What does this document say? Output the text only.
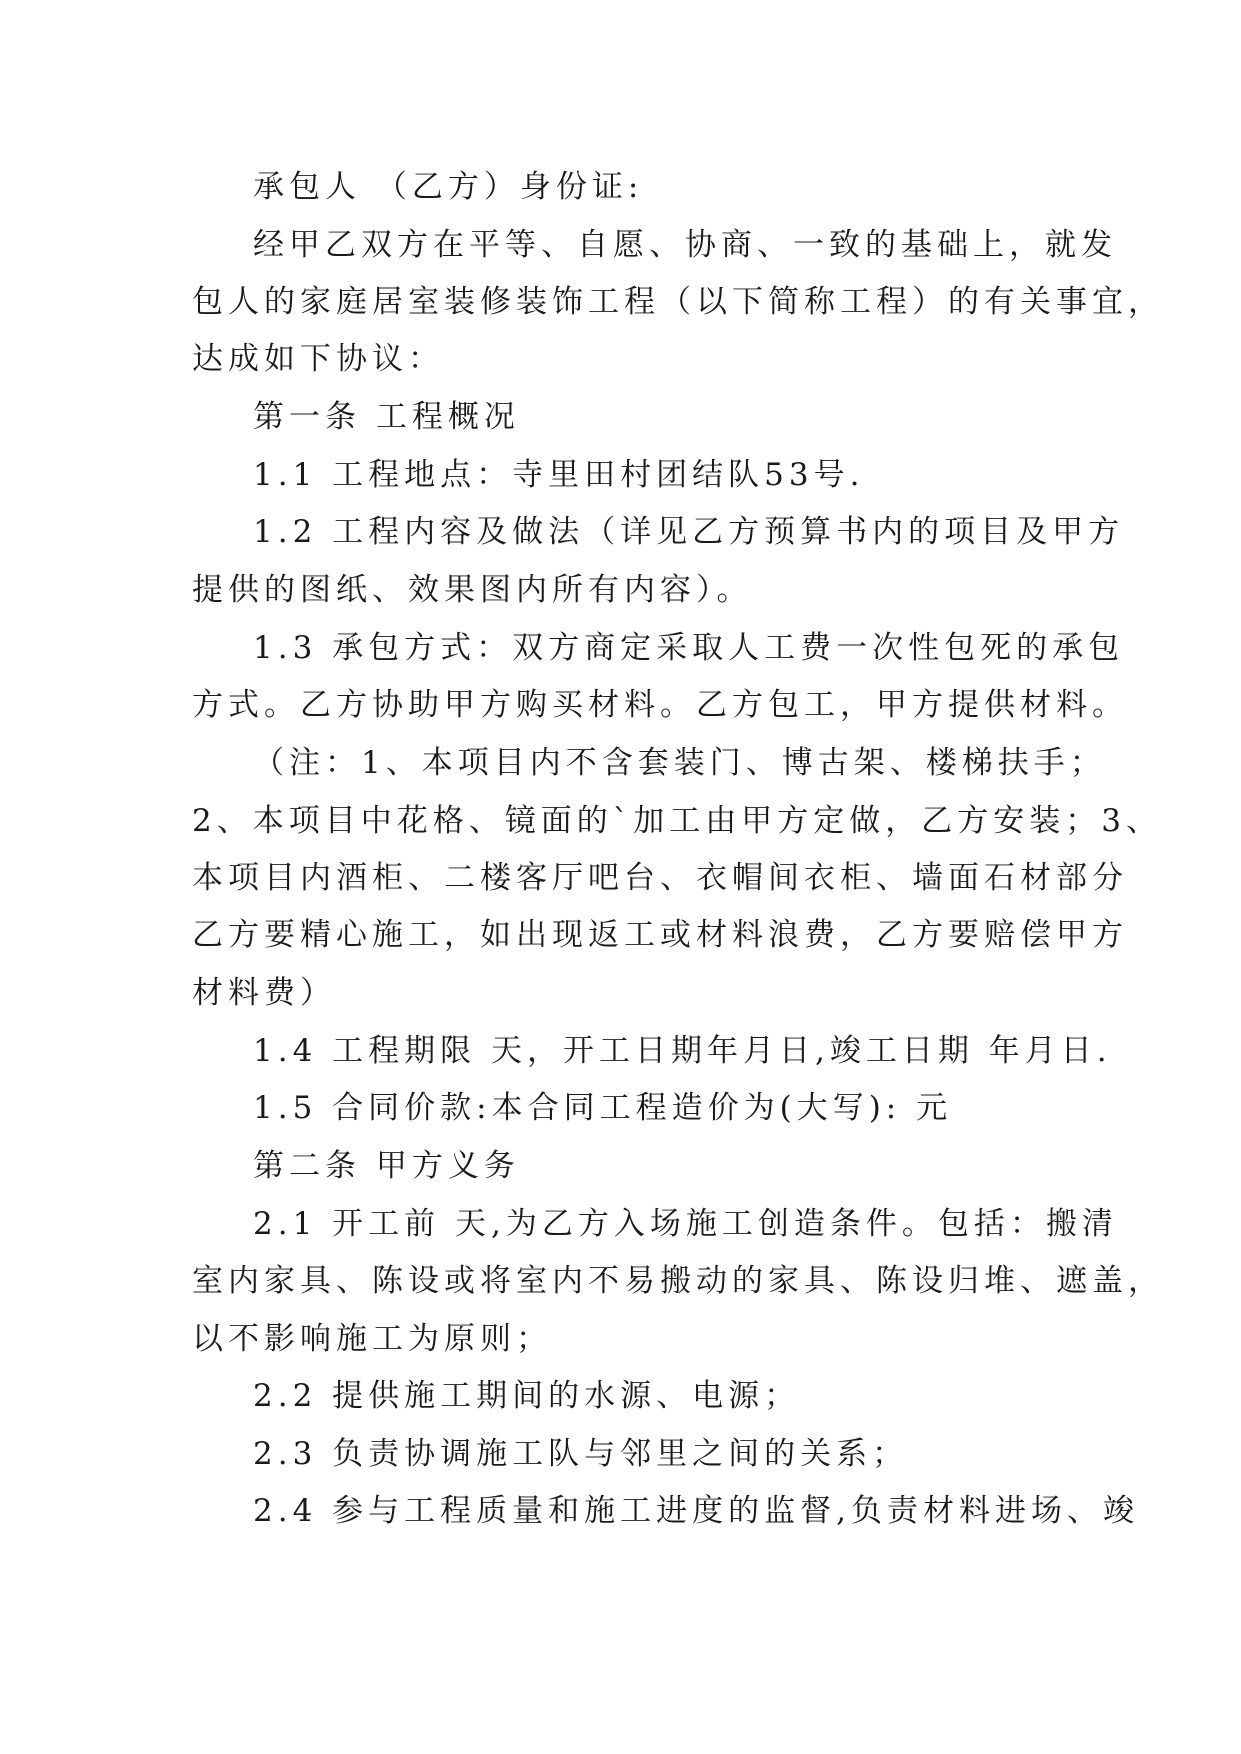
承包人 （乙方）身份证:
经甲乙双方在平等、自愿、协商、一致的基础上，就发
包人的家庭居室装修装饰工程（以下简称工程）的有关事宜，
达成如下协议：
第一条 工程概况
1.1 工程地点：寺里田村团结队53号.
1.2 工程内容及做法（详见乙方预算书内的项目及甲方
提供的图纸、效果图内所有内容）。
1.3 承包方式：双方商定采取人工费一次性包死的承包
方式。乙方协助甲方购买材料。乙方包工，甲方提供材料。
（注：1、本项目内不含套装门、博古架、楼梯扶手；
2、本项目中花格、镜面的`加工由甲方定做，乙方安装；3、
本项目内酒柜、二楼客厅吧台、衣帽间衣柜、墙面石材部分
乙方要精心施工，如出现返工或材料浪费，乙方要赔偿甲方
材料费）
1.4 工程期限 天，开工日期年月日,竣工日期 年月日.
1.5 合同价款:本合同工程造价为(大写): 元
第二条 甲方义务
2.1 开工前 天,为乙方入场施工创造条件。包括：搬清
室内家具、陈设或将室内不易搬动的家具、陈设归堆、遮盖，
以不影响施工为原则；
2.2 提供施工期间的水源、电源；
2.3 负责协调施工队与邻里之间的关系；
2.4 参与工程质量和施工进度的监督,负责材料进场、竣
